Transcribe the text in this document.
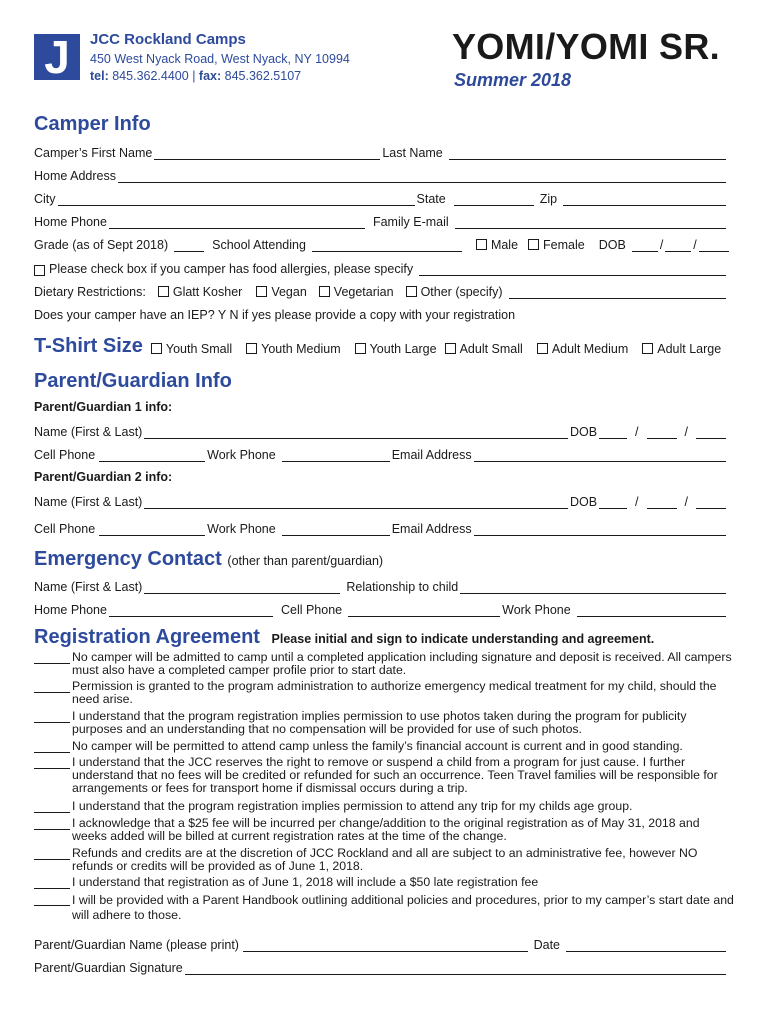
J	JCC Rockland Camps
450 West Nyack Road, West Nyack, NY 10994
tel: 845.362.4400 | fax: 845.362.5107
YOMI/YOMI SR.
Summer 2018
Camper Info
Camper’s First Name	Last Name
Home Address
City	State	Zip
Home Phone	Family E-mail
Grade (as of Sept 2018)	School Attending	Male	Female DOB	/ /
Please check box if you camper has food allergies, please specify
Dietary Restrictions:	Glatt Kosher	Vegan	Vegetarian	Other (specify)
Does your camper have an IEP? Y N if yes please provide a copy with your registration
T-Shirt Size	Youth Small	Youth Medium	Youth Large	Adult Small	Adult Medium	Adult Large
Parent/Guardian Info
Parent/Guardian 1 info:
Name (First & Last)	DOB	/	/
Cell Phone	Work Phone	Email Address
Parent/Guardian 2 info:
Name (First & Last)	DOB	/	/
Cell Phone	Work Phone	Email Address
Emergency Contact (other than parent/guardian)
Name (First & Last)	Relationship to child
Home Phone	Cell Phone	Work Phone
Registration Agreement Please initial and sign to indicate understanding and agreement.
No camper will be admitted to camp until a completed application including signature and deposit is received. All campers must also have a completed camper profile prior to start date.
Permission is granted to the program administration to authorize emergency medical treatment for my child, should the need arise.
I understand that the program registration implies permission to use photos taken during the program for publicity purposes and an understanding that no compensation will be provided for use of such photos.
No camper will be permitted to attend camp unless the family’s financial account is current and in good standing.
I understand that the JCC reserves the right to remove or suspend a child from a program for just cause. I further understand that no fees will be credited or refunded for such an occurrence. Teen Travel families will be responsible for arrangements or fees for transport home if dismissal occurs during a trip.
I understand that the program registration implies permission to attend any trip for my childs age group.
I acknowledge that a $25 fee will be incurred per change/addition to the original registration as of May 31, 2018 and weeks added will be billed at current registration rates at the time of the change.
Refunds and credits are at the discretion of JCC Rockland and all are subject to an administrative fee, however NO refunds or credits will be provided as of June 1, 2018.
I understand that registration as of June 1, 2018 will include a $50 late registration fee
I will be provided with a Parent Handbook outlining additional policies and procedures, prior to my camper’s start date and will adhere to those.
Parent/Guardian Name (please print)	Date
Parent/Guardian Signature
